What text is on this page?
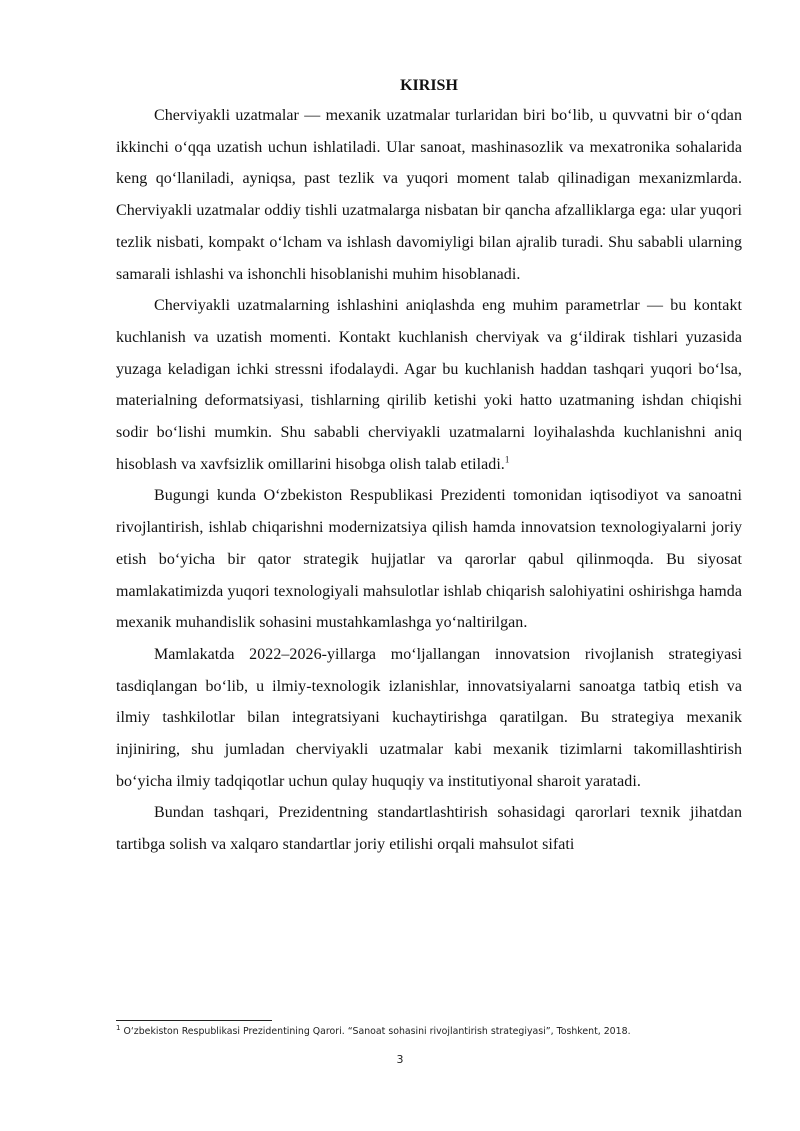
KIRISH

Cherviyakli uzatmalar — mexanik uzatmalar turlaridan biri bo‘lib, u quvvatni bir o‘qdan ikkinchi o‘qqa uzatish uchun ishlatiladi. Ular sanoat, mashinasozlik va mexatronika sohalarida keng qo‘llaniladi, ayniqsa, past tezlik va yuqori moment talab qilinadigan mexanizmlarda. Cherviyakli uzatmalar oddiy tishli uzatmalarga nisbatan bir qancha afzalliklarga ega: ular yuqori tezlik nisbati, kompakt o‘lcham va ishlash davomiyligi bilan ajralib turadi. Shu sababli ularning samarali ishlashi va ishonchli hisoblanishi muhim hisoblanadi.

Cherviyakli uzatmalarning ishlashini aniqlashda eng muhim parametrlar — bu kontakt kuchlanish va uzatish momenti. Kontakt kuchlanish cherviyak va g‘ildirak tishlari yuzasida yuzaga keladigan ichki stressni ifodalaydi. Agar bu kuchlanish haddan tashqari yuqori bo‘lsa, materialning deformatsiyasi, tishlarning qirilib ketishi yoki hatto uzatmaning ishdan chiqishi sodir bo‘lishi mumkin. Shu sababli cherviyakli uzatmalarni loyihalashda kuchlanishni aniq hisoblash va xavfsizlik omillarini hisobga olish talab etiladi.$^1$

Bugungi kunda O‘zbekiston Respublikasi Prezidenti tomonidan iqtisodiyot va sanoatni rivojlantirish, ishlab chiqarishni modernizatsiya qilish hamda innovatsion texnologiyalarni joriy etish bo‘yicha bir qator strategik hujjatlar va qarorlar qabul qilinmoqda. Bu siyosat mamlakatimizda yuqori texnologiyali mahsulotlar ishlab chiqarish salohiyatini oshirishga hamda mexanik muhandislik sohasini mustahkamlashga yo‘naltirilgan.

Mamlakatda 2022–2026-yillarga mo‘ljallangan innovatsion rivojlanish strategiyasi tasdiqlangan bo‘lib, u ilmiy-texnologik izlanishlar, innovatsiyalarni sanoatga tatbiq etish va ilmiy tashkilotlar bilan integratsiyani kuchaytirishga qaratilgan. Bu strategiya mexanik injiniring, shu jumladan cherviyakli uzatmalar kabi mexanik tizimlarni takomillashtirish bo‘yicha ilmiy tadqiqotlar uchun qulay huquqiy va institutiyonal sharoit yaratadi.

Bundan tashqari, Prezidentning standartlashtirish sohasidagi qarorlari texnik jihatdan tartibga solish va xalqaro standartlar joriy etilishi orqali mahsulot sifati

$^1$ O‘zbekiston Respublikasi Prezidentining Qarori. “Sanoat sohasini rivojlantirish strategiyasi”, Toshkent, 2018.

3
